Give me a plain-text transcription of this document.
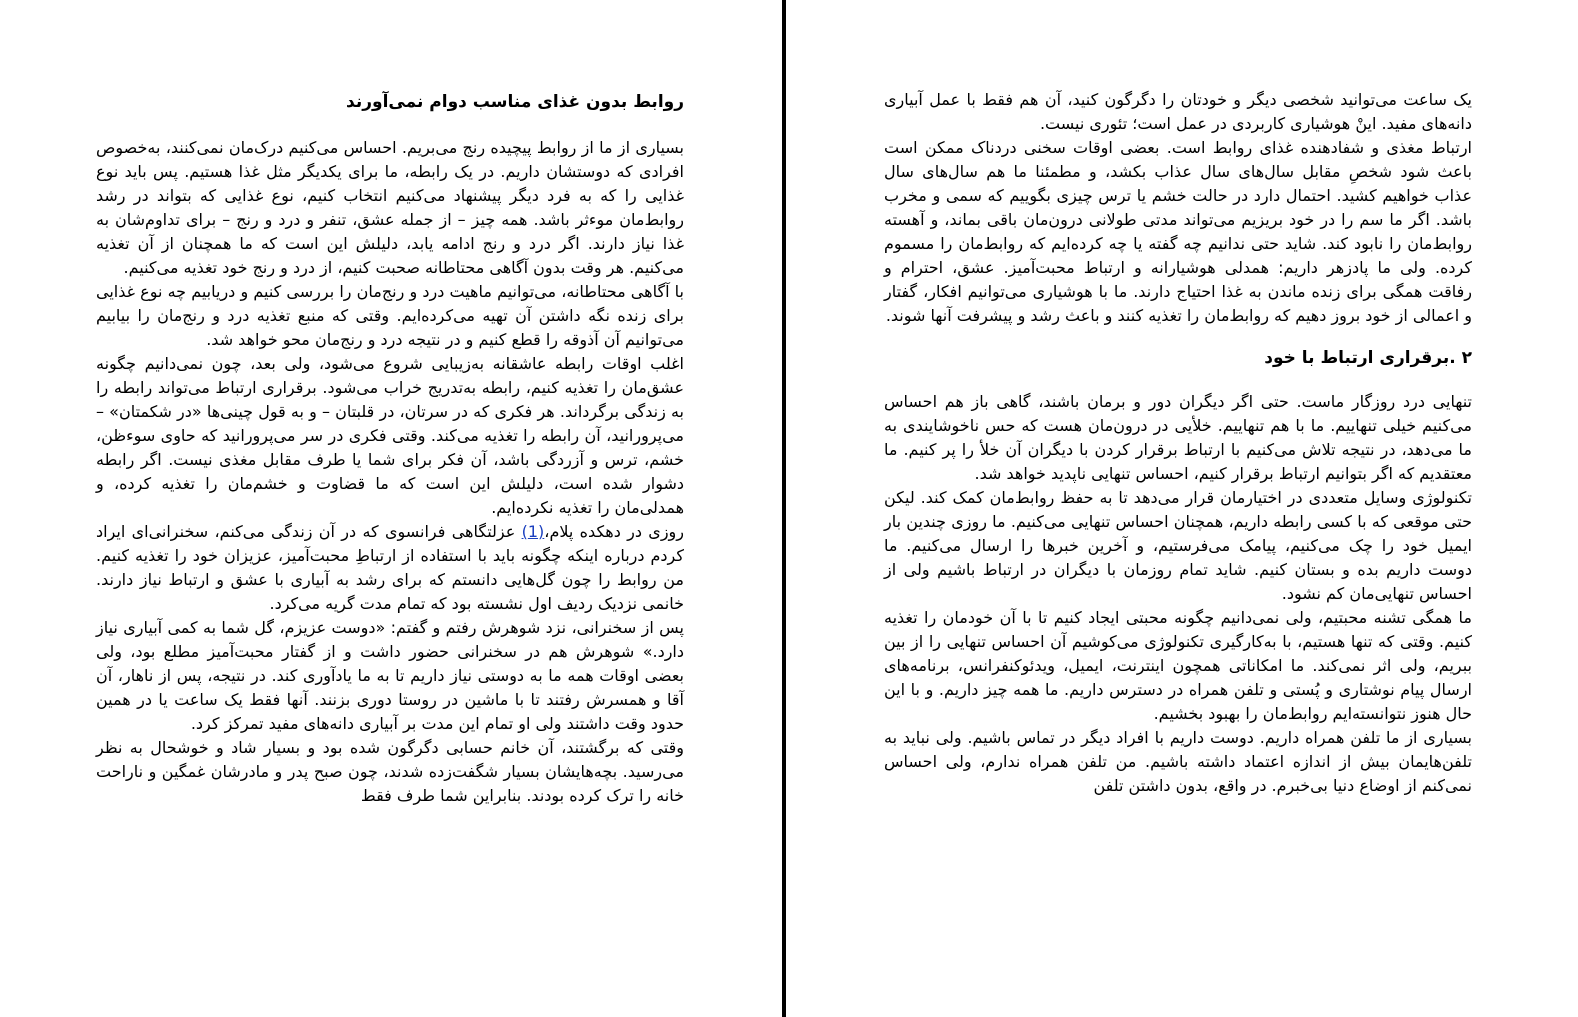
روابط بدون غذای مناسب دوام نمی‌آورند

بسیاری از ما از روابط پیچیده رنج می‌بریم. احساس می‌کنیم درک‌مان نمی‌کنند، به‌خصوص افرادی که دوستشان داریم. در یک رابطه، ما برای یکدیگر مثل غذا هستیم. پس باید نوع غذایی را که به فرد دیگر پیشنهاد می‌کنیم انتخاب کنیم، نوع غذایی که بتواند در رشد روابط‌مان موءثر باشد. همه چیز – از جمله عشق، تنفر و درد و رنج – برای تداوم‌شان به غذا نیاز دارند. اگر درد و رنج ادامه یابد، دلیلش این است که ما همچنان از آن تغذیه می‌کنیم. هر وقت بدون آگاهی محتاطانه صحبت کنیم، از درد و رنج خود تغذیه می‌کنیم.

با آگاهی محتاطانه، می‌توانیم ماهیت درد و رنج‌مان را بررسی کنیم و دریابیم چه نوع غذایی برای زنده نگه داشتن آن تهیه می‌کرده‌ایم. وقتی که منبع تغذیه درد و رنج‌مان را بیابیم می‌توانیم آن آذوقه را قطع کنیم و در نتیجه درد و رنج‌مان محو خواهد شد.

اغلب اوقات رابطه عاشقانه به‌زیبایی شروع می‌شود، ولی بعد، چون نمی‌دانیم چگونه عشق‌مان را تغذیه کنیم، رابطه به‌تدریج خراب می‌شود. برقراری ارتباط می‌تواند رابطه را به زندگی برگرداند. هر فکری که در سرتان، در قلبتان – و به قول چینی‌ها «در شکمتان» – می‌پرورانید، آن رابطه را تغذیه می‌کند. وقتی فکری در سر می‌پرورانید که حاوی سوءظن، خشم، ترس و آزردگی باشد، آن فکر برای شما یا طرف مقابل مغذی نیست. اگر رابطه دشوار شده است، دلیلش این است که ما قضاوت و خشم‌مان را تغذیه کرده، و همدلی‌مان را تغذیه نکرده‌ایم.

روزی در دهکده پلام،(1) عزلتگاهی فرانسوی که در آن زندگی می‌کنم، سخنرانی‌ای ایراد کردم درباره اینکه چگونه باید با استفاده از ارتباطِ محبت‌آمیز، عزیزان خود را تغذیه کنیم. من روابط را چون گل‌هایی دانستم که برای رشد به آبیاری با عشق و ارتباط نیاز دارند. خانمی نزدیک ردیف اول نشسته بود که تمام مدت گریه می‌کرد.

پس از سخنرانی، نزد شوهرش رفتم و گفتم: «دوست عزیزم، گل شما به کمی آبیاری نیاز دارد.» شوهرش هم در سخنرانی حضور داشت و از گفتار محبت‌آمیز مطلع بود، ولی بعضی اوقات همه ما به دوستی نیاز داریم تا به ما یادآوری کند. در نتیجه، پس از ناهار، آن آقا و همسرش رفتند تا با ماشین در روستا دوری بزنند. آنها فقط یک ساعت یا در همین حدود وقت داشتند ولی او تمام این مدت بر آبیاری دانه‌های مفید تمرکز کرد.

وقتی که برگشتند، آن خانم حسابی دگرگون شده بود و بسیار شاد و خوشحال به نظر می‌رسید. بچه‌هایشان بسیار شگفت‌زده شدند، چون صبح پدر و مادرشان غمگین و ناراحت خانه را ترک کرده بودند. بنابراین شما طرف فقط

یک ساعت می‌توانید شخصی دیگر و خودتان را دگرگون کنید، آن هم فقط با عمل آبیاری دانه‌های مفید. اینْ هوشیاری کاربردی در عمل است؛ تئوری نیست.

ارتباط مغذی و شفادهنده غذای روابط است. بعضی اوقات سخنی دردناک ممکن است باعث شود شخصِ مقابل سال‌های سال عذاب بکشد، و مطمئنا ما هم سال‌های سال عذاب خواهیم کشید. احتمال دارد در حالت خشم یا ترس چیزی بگوییم که سمی و مخرب باشد. اگر ما سم را در خود بریزیم می‌تواند مدتی طولانی درون‌مان باقی بماند، و آهسته روابط‌مان را نابود کند. شاید حتی ندانیم چه گفته یا چه کرده‌ایم که روابط‌مان را مسموم کرده. ولی ما پادزهر داریم: همدلی هوشیارانه و ارتباط محبت‌آمیز. عشق، احترام و رفاقت همگی برای زنده ماندن به غذا احتیاج دارند. ما با هوشیاری می‌توانیم افکار، گفتار و اعمالی از خود بروز دهیم که روابط‌مان را تغذیه کنند و باعث رشد و پیشرفت آنها شوند.

۲ .برقراری ارتباط با خود

تنهایی درد روزگار ماست. حتی اگر دیگران دور و برمان باشند، گاهی باز هم احساس می‌کنیم خیلی تنهاییم. ما با هم تنهاییم. خلأیی در درون‌مان هست که حس ناخوشایندی به ما می‌دهد، در نتیجه تلاش می‌کنیم با ارتباط برقرار کردن با دیگران آن خلأ را پر کنیم. ما معتقدیم که اگر بتوانیم ارتباط برقرار کنیم، احساس تنهایی ناپدید خواهد شد.

تکنولوژی وسایل متعددی در اختیارمان قرار می‌دهد تا به حفظ روابط‌مان کمک کند. لیکن حتی موقعی که با کسی رابطه داریم، همچنان احساس تنهایی می‌کنیم. ما روزی چندین بار ایمیل خود را چک می‌کنیم، پیامک می‌فرستیم، و آخرین خبرها را ارسال می‌کنیم. ما دوست داریم بده و بستان کنیم. شاید تمام روزمان با دیگران در ارتباط باشیم ولی از احساس تنهایی‌مان کم نشود.

ما همگی تشنه محبتیم، ولی نمی‌دانیم چگونه محبتی ایجاد کنیم تا با آن خودمان را تغذیه کنیم. وقتی که تنها هستیم، با به‌کارگیری تکنولوژی می‌کوشیم آن احساس تنهایی را از بین ببریم، ولی اثر نمی‌کند. ما امکاناتی همچون اینترنت، ایمیل، ویدئوکنفرانس، برنامه‌های ارسال پیام نوشتاری و پُستی و تلفن همراه در دسترس داریم. ما همه چیز داریم. و با این حال هنوز نتوانسته‌ایم روابط‌مان را بهبود بخشیم.

بسیاری از ما تلفن همراه داریم. دوست داریم با افراد دیگر در تماس باشیم. ولی نباید به تلفن‌هایمان بیش از اندازه اعتماد داشته باشیم. من تلفن همراه ندارم، ولی احساس نمی‌کنم از اوضاع دنیا بی‌خبرم. در واقع، بدون داشتن تلفن
